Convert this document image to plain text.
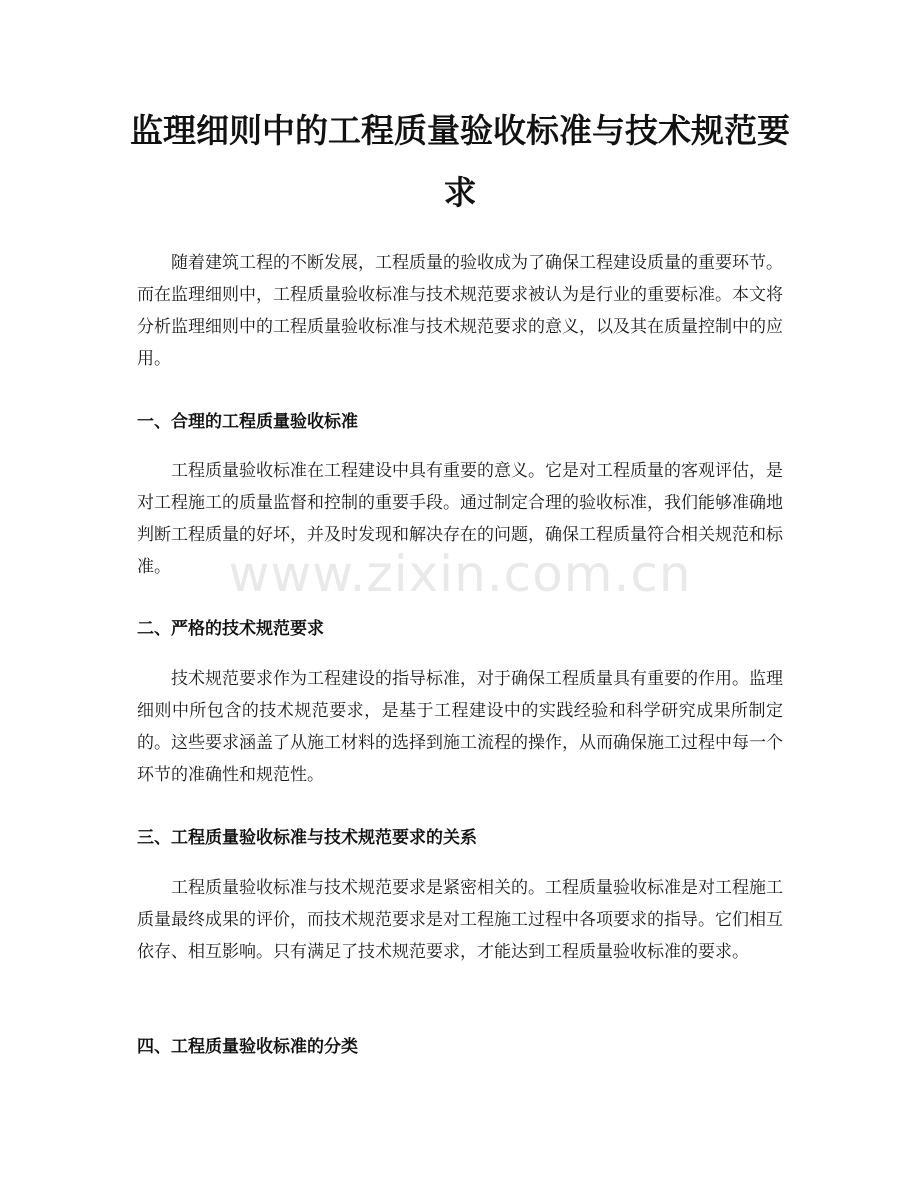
监理细则中的工程质量验收标准与技术规范要求

随着建筑工程的不断发展，工程质量的验收成为了确保工程建设质量的重要环节。而在监理细则中，工程质量验收标准与技术规范要求被认为是行业的重要标准。本文将分析监理细则中的工程质量验收标准与技术规范要求的意义，以及其在质量控制中的应用。

一、合理的工程质量验收标准

工程质量验收标准在工程建设中具有重要的意义。它是对工程质量的客观评估，是对工程施工的质量监督和控制的重要手段。通过制定合理的验收标准，我们能够准确地判断工程质量的好坏，并及时发现和解决存在的问题，确保工程质量符合相关规范和标准。

二、严格的技术规范要求

技术规范要求作为工程建设的指导标准，对于确保工程质量具有重要的作用。监理细则中所包含的技术规范要求，是基于工程建设中的实践经验和科学研究成果所制定的。这些要求涵盖了从施工材料的选择到施工流程的操作，从而确保施工过程中每一个环节的准确性和规范性。

三、工程质量验收标准与技术规范要求的关系

工程质量验收标准与技术规范要求是紧密相关的。工程质量验收标准是对工程施工质量最终成果的评价，而技术规范要求是对工程施工过程中各项要求的指导。它们相互依存、相互影响。只有满足了技术规范要求，才能达到工程质量验收标准的要求。

四、工程质量验收标准的分类
www.zixin.com.cn
